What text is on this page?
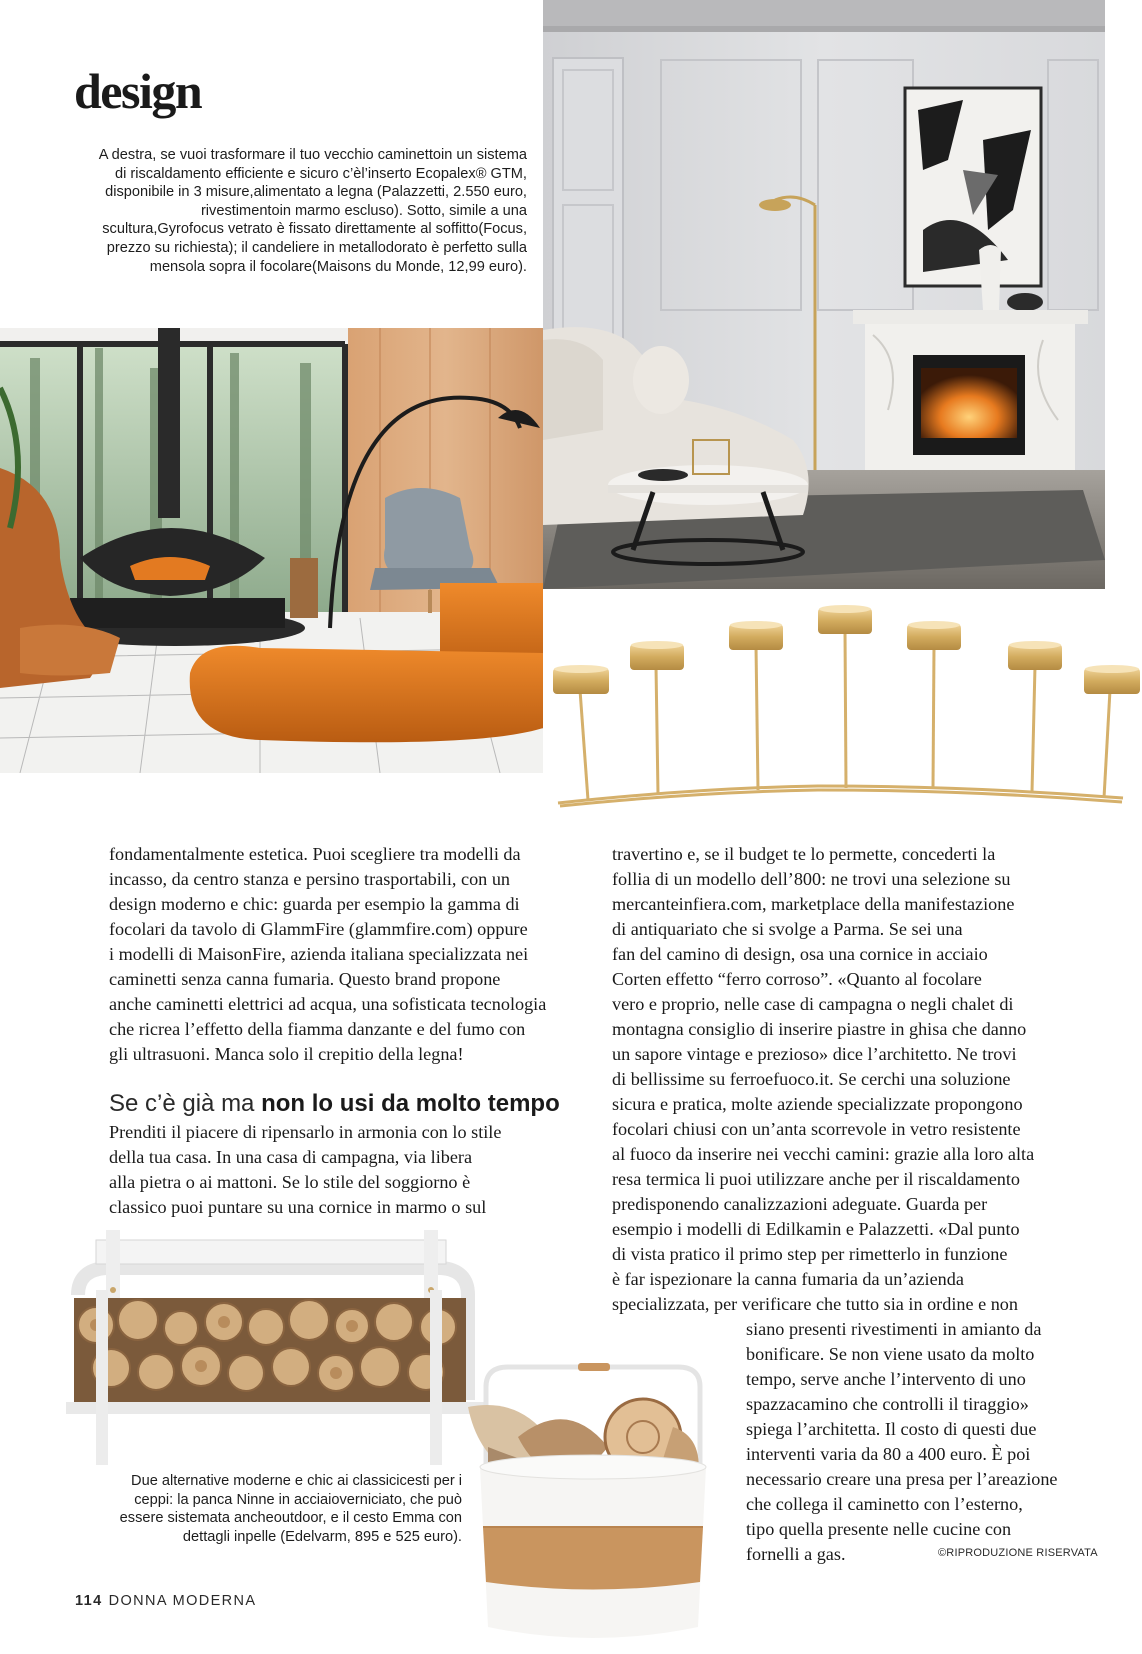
design
A destra, se vuoi trasformare il tuo vecchio caminettoin un sistema di riscaldamento efficiente e sicuro c’èl’inserto Ecopalex® GTM, disponibile in 3 misure,alimentato a legna (Palazzetti, 2.550 euro, rivestimentoin marmo escluso). Sotto, simile a una scultura,Gyrofocus vetrato è fissato direttamente al soffitto(Focus, prezzo su richiesta); il candeliere in metallodorato è perfetto sulla mensola sopra il focolare(Maisons du Monde, 12,99 euro).
fondamentalmente estetica. Puoi scegliere tra modelli da
incasso, da centro stanza e persino trasportabili, con un
design moderno e chic: guarda per esempio la gamma di
focolari da tavolo di GlammFire (glammfire.com) oppure
i modelli di MaisonFire, azienda italiana specializzata nei
caminetti senza canna fumaria. Questo brand propone
anche caminetti elettrici ad acqua, una sofisticata tecnologia
che ricrea l’effetto della fiamma danzante e del fumo con
gli ultrasuoni. Manca solo il crepitio della legna!
Se c’è già ma non lo usi da molto tempo
Prenditi il piacere di ripensarlo in armonia con lo stile
della tua casa. In una casa di campagna, via libera
alla pietra o ai mattoni. Se lo stile del soggiorno è
classico puoi puntare su una cornice in marmo o sul
travertino e, se il budget te lo permette, concederti la
follia di un modello dell’800: ne trovi una selezione su
mercanteinfiera.com, marketplace della manifestazione
di antiquariato che si svolge a Parma. Se sei una
fan del camino di design, osa una cornice in acciaio
Corten effetto “ferro corroso”. «Quanto al focolare
vero e proprio, nelle case di campagna o negli chalet di
montagna consiglio di inserire piastre in ghisa che danno
un sapore vintage e prezioso» dice l’architetto. Ne trovi
di bellissime su ferroefuoco.it. Se cerchi una soluzione
sicura e pratica, molte aziende specializzate propongono
focolari chiusi con un’anta scorrevole in vetro resistente
al fuoco da inserire nei vecchi camini: grazie alla loro alta
resa termica li puoi utilizzare anche per il riscaldamento
predisponendo canalizzazioni adeguate. Guarda per
esempio i modelli di Edilkamin e Palazzetti. «Dal punto
di vista pratico il primo step per rimetterlo in funzione
è far ispezionare la canna fumaria da un’azienda
specializzata, per verificare che tutto sia in ordine e non
siano presenti rivestimenti in amianto da
bonificare. Se non viene usato da molto
tempo, serve anche l’intervento di uno
spazzacamino che controlli il tiraggio»
spiega l’architetta. Il costo di questi due
interventi varia da 80 a 400 euro. È poi
necessario creare una presa per l’areazione
che collega il caminetto con l’esterno,
tipo quella presente nelle cucine con
fornelli a gas.
Due alternative moderne e chic ai classicicesti per i ceppi: la panca Ninne in acciaioverniciato, che può essere sistemata ancheoutdoor, e il cesto Emma con dettagli inpelle (Edelvarm, 895 e 525 euro).
©RIPRODUZIONE RISERVATA
114 DONNA MODERNA
